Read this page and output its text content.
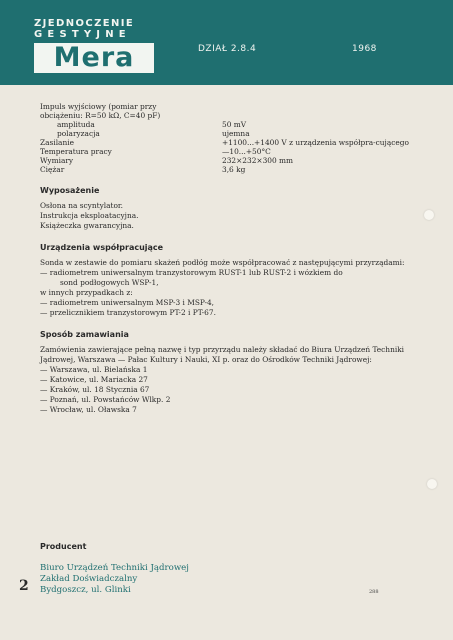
ZJEDNOCZENIE
GESTYJNE
Mera	DZIAŁ 2.8.4	1968
Impuls wyjściowy (pomiar przy	
obciążeniu: R=50 kΩ, C=40 pF)	
amplituda	50 mV
polaryzacja	ujemna
Zasilanie	+1100...+1400 V z urządzenia współpra-cującego
Temperatura pracy	—10...+50°C
Wymiary	232×232×300 mm
Ciężar	3,6 kg
Wyposażenie
Osłona na scyntylator.
Instrukcja eksploatacyjna.
Książeczka gwarancyjna.
Urządzenia współpracujące

Sonda w zestawie do pomiaru skażeń podłóg może współpracować z następującymi przyrządami:

— radiometrem uniwersalnym tranzystorowym RUST-1 lub RUST-2 i wózkiem do
sond podłogowych WSP-1,
w innych przypadkach z:
— radiometrem uniwersalnym MSP-3 i MSP-4,
— przelicznikiem tranzystorowym PT-2 i PT-67.
Sposób zamawiania

Zamówienia zawierające pełną nazwę i typ przyrządu należy składać do Biura Urządzeń Techniki Jądrowej, Warszawa — Pałac Kultury i Nauki, XI p. oraz do Ośrodków Techniki Jądrowej:

— Warszawa, ul. Bielańska 1
— Katowice, ul. Mariacka 27
— Kraków, ul. 18 Stycznia 67
— Poznań, ul. Powstańców Wlkp. 2
— Wrocław, ul. Oławska 7
Producent
Biuro Urządzeń Techniki Jądrowej
Zakład Doświadczalny
Bydgoszcz, ul. Glinki
2	288
